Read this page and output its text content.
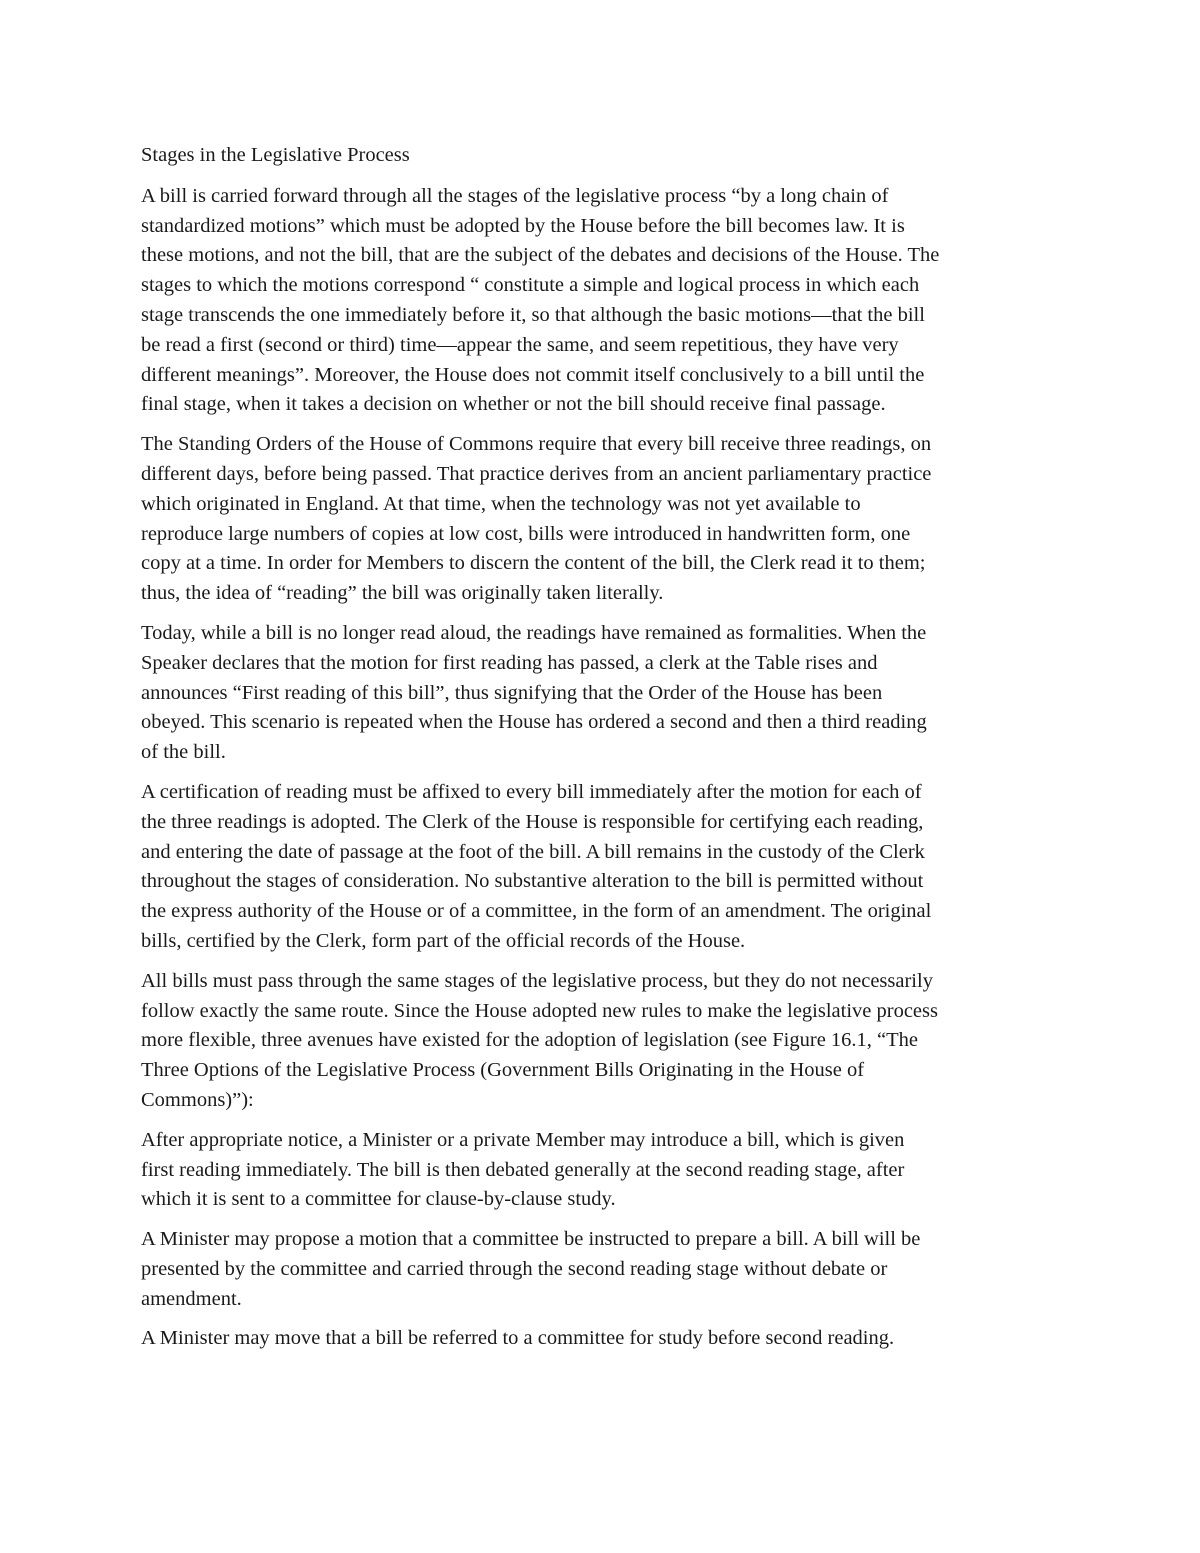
Stages in the Legislative Process
A bill is carried forward through all the stages of the legislative process “by a long chain of
standardized motions” which must be adopted by the House before the bill becomes law. It is
these motions, and not the bill, that are the subject of the debates and decisions of the House. The
stages to which the motions correspond “ constitute a simple and logical process in which each
stage transcends the one immediately before it, so that although the basic motions—that the bill
be read a first (second or third) time—appear the same, and seem repetitious, they have very
different meanings”. Moreover, the House does not commit itself conclusively to a bill until the
final stage, when it takes a decision on whether or not the bill should receive final passage.
The Standing Orders of the House of Commons require that every bill receive three readings, on
different days, before being passed. That practice derives from an ancient parliamentary practice
which originated in England. At that time, when the technology was not yet available to
reproduce large numbers of copies at low cost, bills were introduced in handwritten form, one
copy at a time. In order for Members to discern the content of the bill, the Clerk read it to them;
thus, the idea of “reading” the bill was originally taken literally.
Today, while a bill is no longer read aloud, the readings have remained as formalities. When the
Speaker declares that the motion for first reading has passed, a clerk at the Table rises and
announces “First reading of this bill”, thus signifying that the Order of the House has been
obeyed. This scenario is repeated when the House has ordered a second and then a third reading
of the bill.
A certification of reading must be affixed to every bill immediately after the motion for each of
the three readings is adopted. The Clerk of the House is responsible for certifying each reading,
and entering the date of passage at the foot of the bill. A bill remains in the custody of the Clerk
throughout the stages of consideration. No substantive alteration to the bill is permitted without
the express authority of the House or of a committee, in the form of an amendment. The original
bills, certified by the Clerk, form part of the official records of the House.
All bills must pass through the same stages of the legislative process, but they do not necessarily
follow exactly the same route. Since the House adopted new rules to make the legislative process
more flexible, three avenues have existed for the adoption of legislation (see Figure 16.1, “The
Three Options of the Legislative Process (Government Bills Originating in the House of
Commons)”):
After appropriate notice, a Minister or a private Member may introduce a bill, which is given
first reading immediately. The bill is then debated generally at the second reading stage, after
which it is sent to a committee for clause-by-clause study.
A Minister may propose a motion that a committee be instructed to prepare a bill. A bill will be
presented by the committee and carried through the second reading stage without debate or
amendment.
A Minister may move that a bill be referred to a committee for study before second reading.
